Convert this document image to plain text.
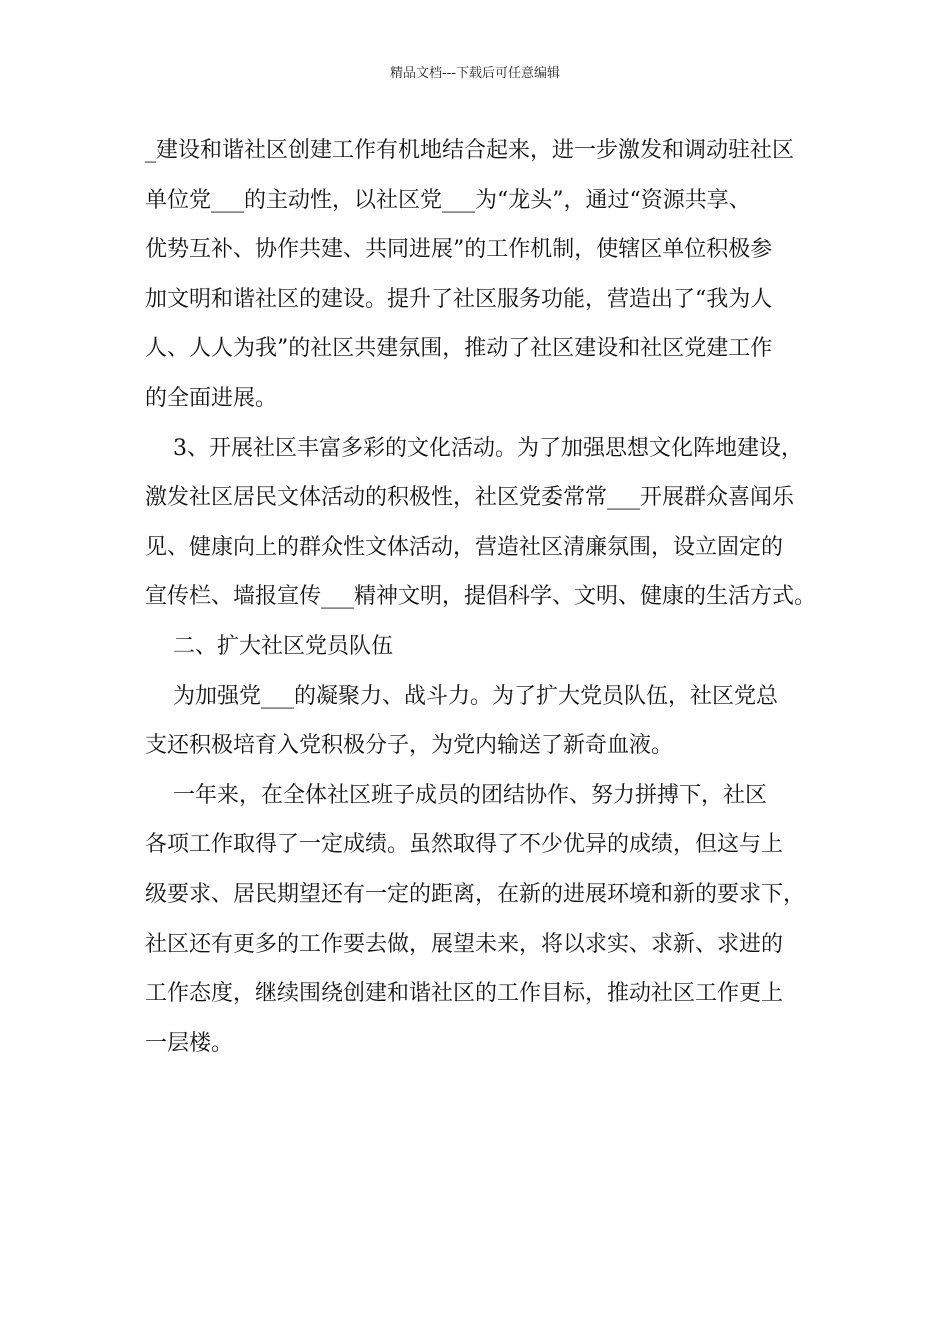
精品文档---下载后可任意编辑
_建设和谐社区创建工作有机地结合起来，进一步激发和调动驻社区
单位党___的主动性，以社区党___为“龙头”，通过“资源共享、
优势互补、协作共建、共同进展”的工作机制，使辖区单位积极参
加文明和谐社区的建设。提升了社区服务功能，营造出了“我为人
人、人人为我”的社区共建氛围，推动了社区建设和社区党建工作
的全面进展。
3、开展社区丰富多彩的文化活动。为了加强思想文化阵地建设，
激发社区居民文体活动的积极性，社区党委常常___开展群众喜闻乐
见、健康向上的群众性文体活动，营造社区清廉氛围，设立固定的
宣传栏、墙报宣传___精神文明，提倡科学、文明、健康的生活方式。
二、扩大社区党员队伍
为加强党___的凝聚力、战斗力。为了扩大党员队伍，社区党总
支还积极培育入党积极分子，为党内输送了新奇血液。
一年来，在全体社区班子成员的团结协作、努力拼搏下，社区
各项工作取得了一定成绩。虽然取得了不少优异的成绩，但这与上
级要求、居民期望还有一定的距离，在新的进展环境和新的要求下，
社区还有更多的工作要去做，展望未来，将以求实、求新、求进的
工作态度，继续围绕创建和谐社区的工作目标，推动社区工作更上
一层楼。
